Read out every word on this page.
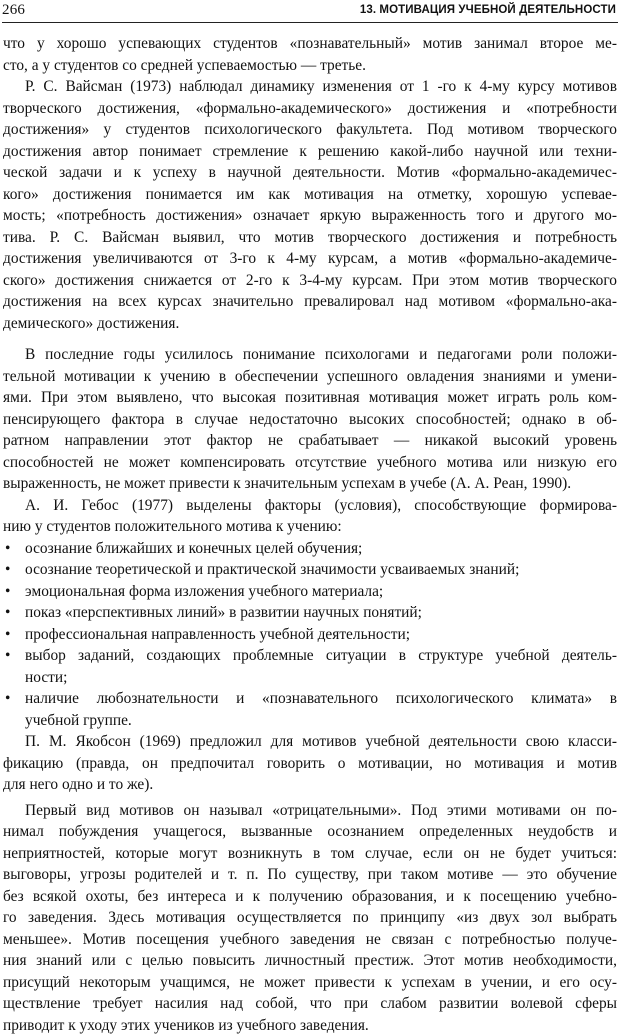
266	13. МОТИВАЦИЯ УЧЕБНОЙ ДЕЯТЕЛЬНОСТИ
что у хорошо успевающих студентов «познавательный» мотив занимал второе ме-
сто, а у студентов со средней успеваемостью — третье.
Р. С. Вайсман (1973) наблюдал динамику изменения от 1 -го к 4-му курсу мотивов
творческого достижения, «формально-академического» достижения и «потребности
достижения» у студентов психологического факультета. Под мотивом творческого
достижения автор понимает стремление к решению какой-либо научной или техни-
ческой задачи и к успеху в научной деятельности. Мотив «формально-академичес-
кого» достижения понимается им как мотивация на отметку, хорошую успевае-
мость; «потребность достижения» означает яркую выраженность того и другого мо-
тива. Р. С. Вайсман выявил, что мотив творческого достижения и потребность
достижения увеличиваются от 3-го к 4-му курсам, а мотив «формально-академиче-
ского» достижения снижается от 2-го к 3-4-му курсам. При этом мотив творческого
достижения на всех курсах значительно превалировал над мотивом «формально-ака-
демического» достижения.
В последние годы усилилось понимание психологами и педагогами роли положи-
тельной мотивации к учению в обеспечении успешного овладения знаниями и умени-
ями. При этом выявлено, что высокая позитивная мотивация может играть роль ком-
пенсирующего фактора в случае недостаточно высоких способностей; однако в об-
ратном направлении этот фактор не срабатывает — никакой высокий уровень
способностей не может компенсировать отсутствие учебного мотива или низкую его
выраженность, не может привести к значительным успехам в учебе (А. А. Реан, 1990).
А. И. Гебос (1977) выделены факторы (условия), способствующие формирова-
нию у студентов положительного мотива к учению:
• осознание ближайших и конечных целей обучения;
• осознание теоретической и практической значимости усваиваемых знаний;
• эмоциональная форма изложения учебного материала;
• показ «перспективных линий» в развитии научных понятий;
• профессиональная направленность учебной деятельности;
• выбор заданий, создающих проблемные ситуации в структуре учебной деятель-
ности;
• наличие любознательности и «познавательного психологического климата» в
учебной группе.
П. М. Якобсон (1969) предложил для мотивов учебной деятельности свою класси-
фикацию (правда, он предпочитал говорить о мотивации, но мотивация и мотив
для него одно и то же).
Первый вид мотивов он называл «отрицательными». Под этими мотивами он по-
нимал побуждения учащегося, вызванные осознанием определенных неудобств и
неприятностей, которые могут возникнуть в том случае, если он не будет учиться:
выговоры, угрозы родителей и т. п. По существу, при таком мотиве — это обучение
без всякой охоты, без интереса и к получению образования, и к посещению учебно-
го заведения. Здесь мотивация осуществляется по принципу «из двух зол выбрать
меньшее». Мотив посещения учебного заведения не связан с потребностью получе-
ния знаний или с целью повысить личностный престиж. Этот мотив необходимости,
присущий некоторым учащимся, не может привести к успехам в учении, и его осу-
ществление требует насилия над собой, что при слабом развитии волевой сферы
приводит к уходу этих учеников из учебного заведения.
